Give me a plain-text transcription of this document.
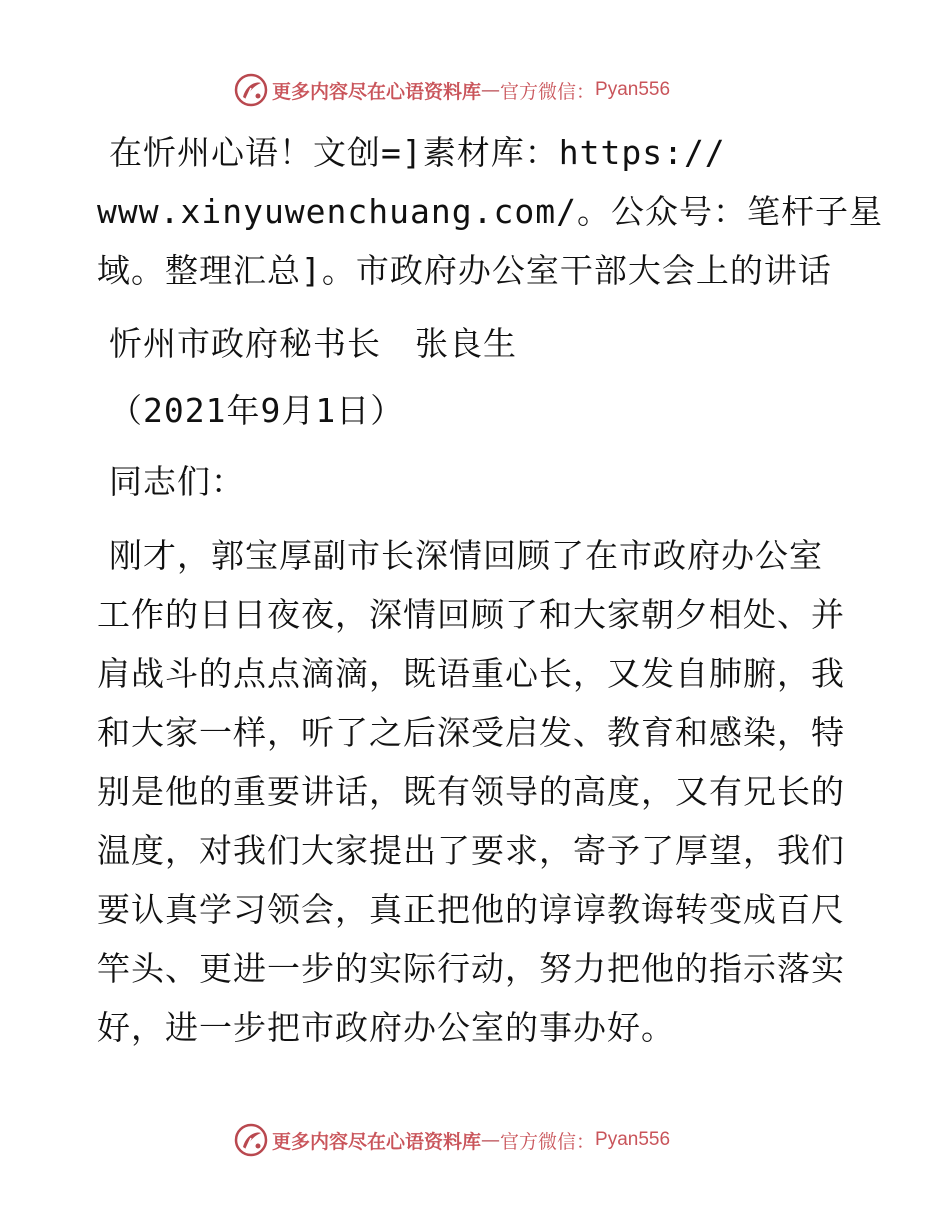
更多内容尽在心语资料库 — 官方微信： Pyan556
在忻州心语！文创=]素材库：https://
www.xinyuwenchuang.com/。公众号：笔杆子星
域。整理汇总]。市政府办公室干部大会上的讲话
忻州市政府秘书长　张良生
（2021年9月1日）
同志们：
刚才，郭宝厚副市长深情回顾了在市政府办公室
工作的日日夜夜，深情回顾了和大家朝夕相处、并
肩战斗的点点滴滴，既语重心长，又发自肺腑，我
和大家一样，听了之后深受启发、教育和感染，特
别是他的重要讲话，既有领导的高度，又有兄长的
温度，对我们大家提出了要求，寄予了厚望，我们
要认真学习领会，真正把他的谆谆教诲转变成百尺
竿头、更进一步的实际行动，努力把他的指示落实
好，进一步把市政府办公室的事办好。
更多内容尽在心语资料库 — 官方微信： Pyan556
